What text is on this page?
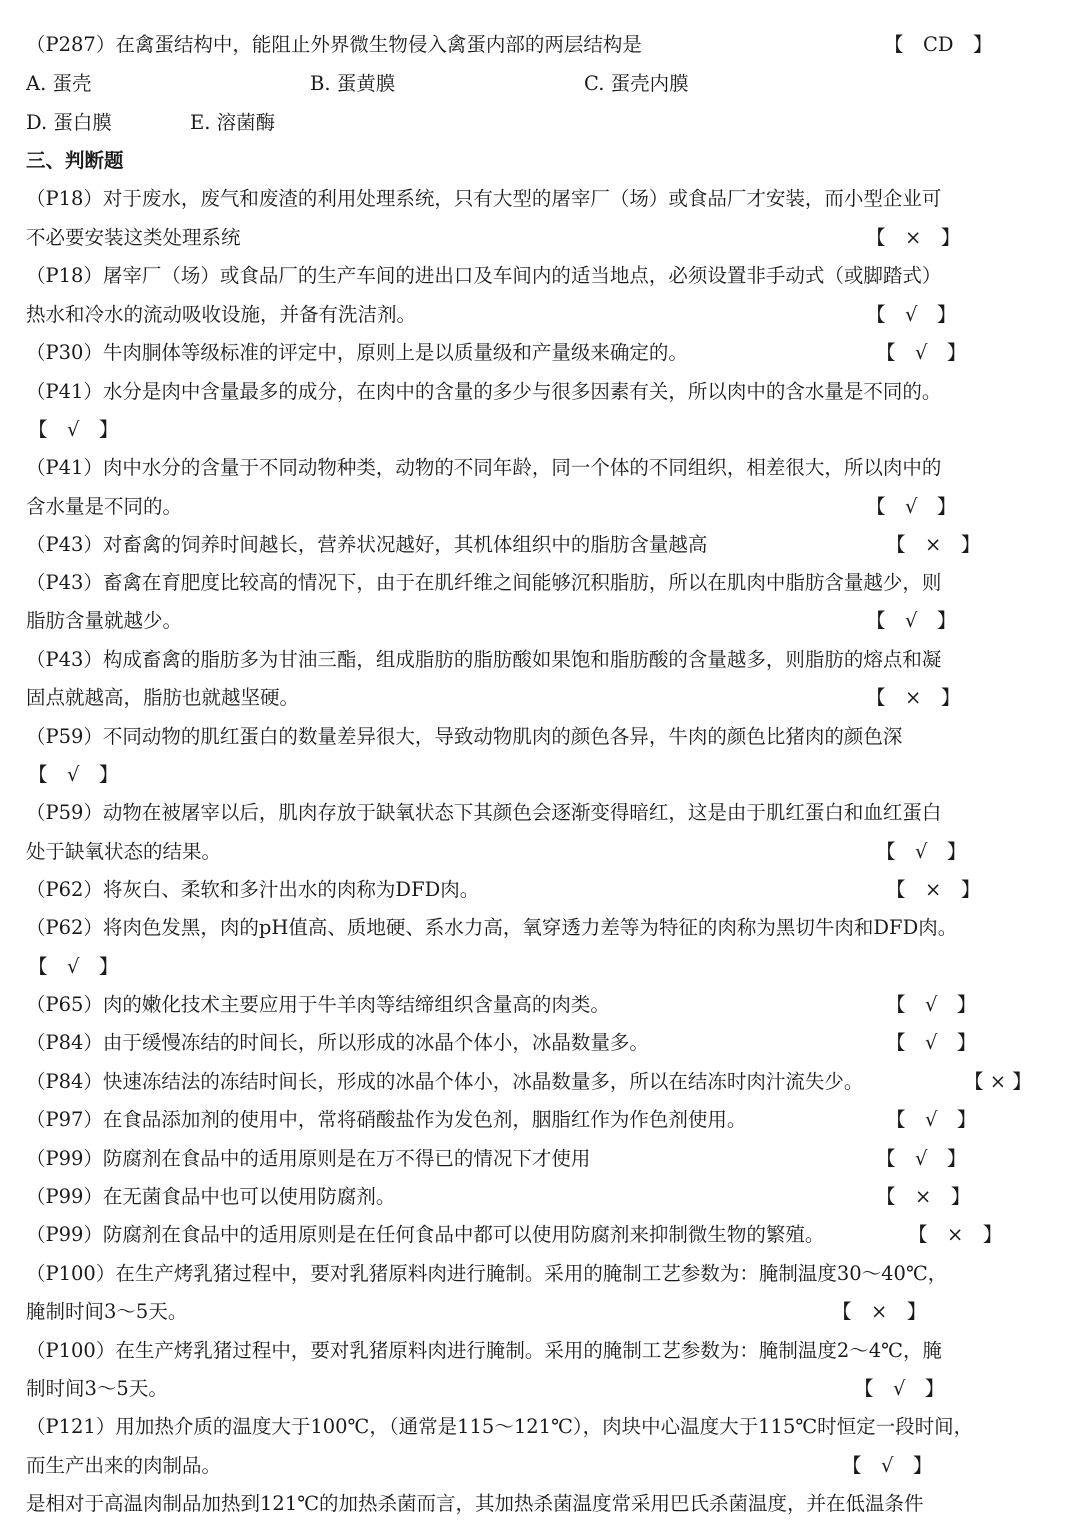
（P287）在禽蛋结构中，能阻止外界微生物侵入禽蛋内部的两层结构是	【　CD　】
A. 蛋壳	B. 蛋黄膜	C. 蛋壳内膜
D. 蛋白膜	E. 溶菌酶
三、判断题
（P18）对于废水，废气和废渣的利用处理系统，只有大型的屠宰厂（场）或食品厂才安装，而小型企业可
不必要安装这类处理系统	【　×　】
（P18）屠宰厂（场）或食品厂的生产车间的进出口及车间内的适当地点，必须设置非手动式（或脚踏式）
热水和冷水的流动吸收设施，并备有洗洁剂。	【　√　】
（P30）牛肉胴体等级标准的评定中，原则上是以质量级和产量级来确定的。	【　√　】
（P41）水分是肉中含量最多的成分，在肉中的含量的多少与很多因素有关，所以肉中的含水量是不同的。
【　√　】
（P41）肉中水分的含量于不同动物种类，动物的不同年龄，同一个体的不同组织，相差很大，所以肉中的
含水量是不同的。	【　√　】
（P43）对畜禽的饲养时间越长，营养状况越好，其机体组织中的脂肪含量越高	【　×　】
（P43）畜禽在育肥度比较高的情况下，由于在肌纤维之间能够沉积脂肪，所以在肌肉中脂肪含量越少，则
脂肪含量就越少。	【　√　】
（P43）构成畜禽的脂肪多为甘油三酯，组成脂肪的脂肪酸如果饱和脂肪酸的含量越多，则脂肪的熔点和凝
固点就越高，脂肪也就越坚硬。	【　×　】
（P59）不同动物的肌红蛋白的数量差异很大，导致动物肌肉的颜色各异，牛肉的颜色比猪肉的颜色深
【　√　】
（P59）动物在被屠宰以后，肌肉存放于缺氧状态下其颜色会逐渐变得暗红，这是由于肌红蛋白和血红蛋白
处于缺氧状态的结果。	【　√　】
（P62）将灰白、柔软和多汁出水的肉称为DFD肉。	【　×　】
（P62）将肉色发黑，肉的pH值高、质地硬、系水力高，氧穿透力差等为特征的肉称为黑切牛肉和DFD肉。
【　√　】
（P65）肉的嫩化技术主要应用于牛羊肉等结缔组织含量高的肉类。	【　√　】
（P84）由于缓慢冻结的时间长，所以形成的冰晶个体小，冰晶数量多。	【　√　】
（P84）快速冻结法的冻结时间长，形成的冰晶个体小，冰晶数量多，所以在结冻时肉汁流失少。	【 × 】
（P97）在食品添加剂的使用中，常将硝酸盐作为发色剂，胭脂红作为作色剂使用。	【　√　】
（P99）防腐剂在食品中的适用原则是在万不得已的情况下才使用	【　√　】
（P99）在无菌食品中也可以使用防腐剂。	【　×　】
（P99）防腐剂在食品中的适用原则是在任何食品中都可以使用防腐剂来抑制微生物的繁殖。	【　×　】
（P100）在生产烤乳猪过程中，要对乳猪原料肉进行腌制。采用的腌制工艺参数为：腌制温度30～40℃，
腌制时间3～5天。	【　×　】
（P100）在生产烤乳猪过程中，要对乳猪原料肉进行腌制。采用的腌制工艺参数为：腌制温度2～4℃，腌
制时间3～5天。	【　√　】
（P121）用加热介质的温度大于100℃，（通常是115～121℃），肉块中心温度大于115℃时恒定一段时间，
而生产出来的肉制品。	【　√　】
是相对于高温肉制品加热到121℃的加热杀菌而言，其加热杀菌温度常采用巴氏杀菌温度，并在低温条件
